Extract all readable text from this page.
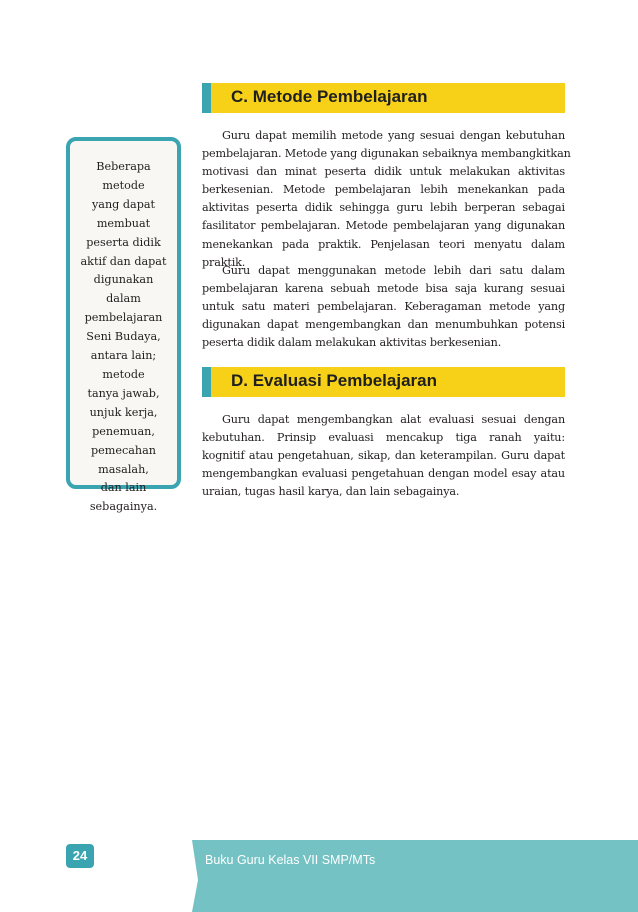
C. Metode Pembelajaran
Guru dapat memilih metode yang sesuai dengan kebutuhan
pembelajaran. Metode yang digunakan sebaiknya membangkitkan
motivasi dan minat peserta didik untuk melakukan aktivitas
berkesenian. Metode pembelajaran lebih menekankan pada
aktivitas peserta didik sehingga guru lebih berperan sebagai
fasilitator pembelajaran. Metode pembelajaran yang digunakan
menekankan pada praktik. Penjelasan teori menyatu dalam
praktik.
Guru dapat menggunakan metode lebih dari satu dalam
pembelajaran karena sebuah metode bisa saja kurang sesuai
untuk satu materi pembelajaran. Keberagaman metode yang
digunakan dapat mengembangkan dan menumbuhkan potensi
peserta didik dalam melakukan aktivitas berkesenian.
D. Evaluasi Pembelajaran
Guru dapat mengembangkan alat evaluasi sesuai dengan
kebutuhan. Prinsip evaluasi mencakup tiga ranah yaitu:
kognitif atau pengetahuan, sikap, dan keterampilan. Guru dapat
mengembangkan evaluasi pengetahuan dengan model esay atau
uraian, tugas hasil karya, dan lain sebagainya.
Beberapa
metode
yang dapat
membuat
peserta didik
aktif dan dapat
digunakan
dalam
pembelajaran
Seni Budaya,
antara lain;
metode
tanya jawab,
unjuk kerja,
penemuan,
pemecahan
masalah,
dan lain
sebagainya.
24	Buku Guru Kelas VII SMP/MTs
